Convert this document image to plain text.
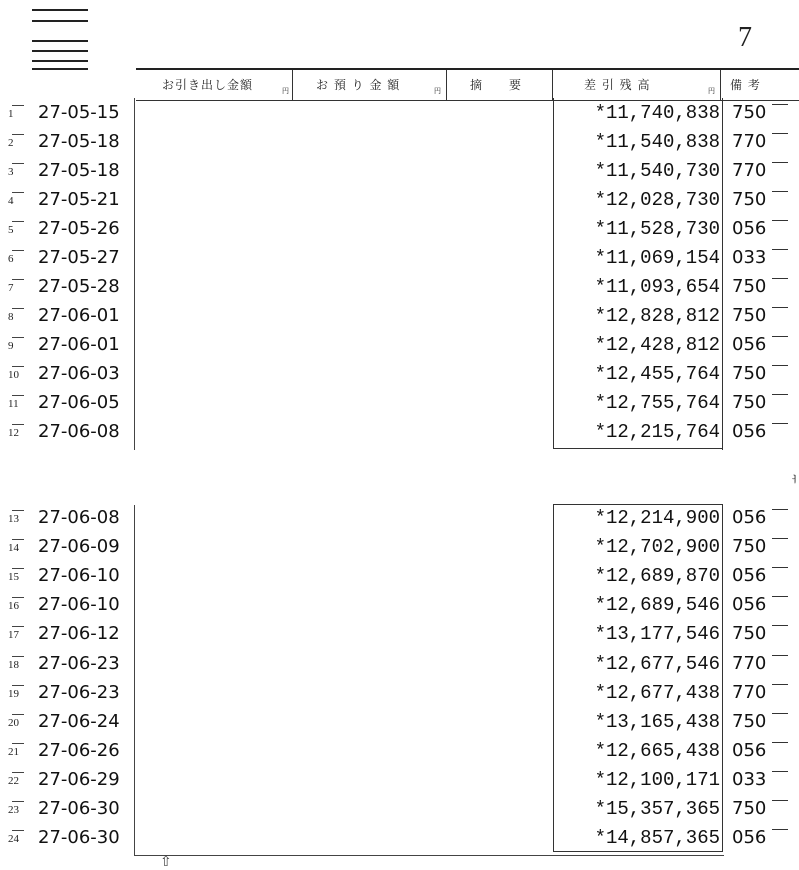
7
お引き出し金額	円 お 預 り 金 額	円 摘　　要	差 引 残 高	円 備 考
1	27-05-15	*11,740,838 750
2	27-05-18	*11,540,838 770
3	27-05-18	*11,540,730 770
4	27-05-21	*12,028,730 750
5	27-05-26	*11,528,730 056
6	27-05-27	*11,069,154 033
7	27-05-28	*11,093,654 750
8	27-06-01	*12,828,812 750
9	27-06-01	*12,428,812 056
10 27-06-03	*12,455,764 750
11	27-06-05	*12,755,764 750
12 27-06-08	*12,215,764 056
13 27-06-08	*12,214,900 056
14 27-06-09	*12,702,900 750
15 27-06-10	*12,689,870 056
16 27-06-10	*12,689,546 056
17 27-06-12	*13,177,546 750
18 27-06-23	*12,677,546 770
19 27-06-23	*12,677,438 770
20 27-06-24	*13,165,438 750
21 27-06-26	*12,665,438 056
22 27-06-29	*12,100,171 033
23 27-06-30	*15,357,365 750
24 27-06-30	*14,857,365 056
⇧
ᅥ
